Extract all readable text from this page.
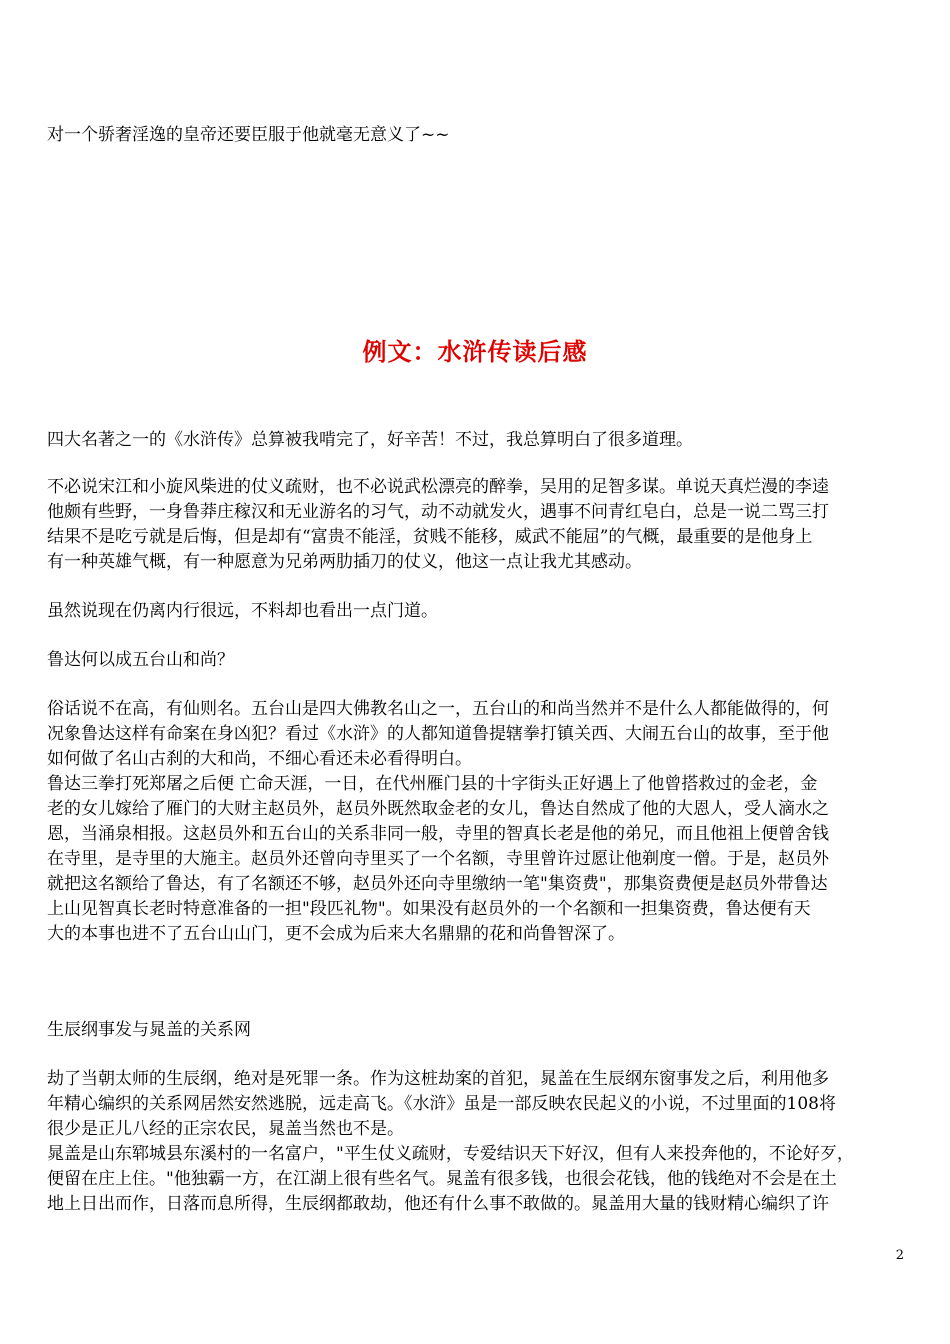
对一个骄奢淫逸的皇帝还要臣服于他就毫无意义了~~
例文：水浒传读后感
四大名著之一的《水浒传》总算被我啃完了，好辛苦！不过，我总算明白了很多道理。
不必说宋江和小旋风柴进的仗义疏财，也不必说武松漂亮的醉拳，吴用的足智多谋。单说天真烂漫的李逵
他颇有些野，一身鲁莽庄稼汉和无业游名的习气，动不动就发火，遇事不问青红皂白，总是一说二骂三打
结果不是吃亏就是后悔，但是却有“富贵不能淫，贫贱不能移，威武不能屈”的气概，最重要的是他身上
有一种英雄气概，有一种愿意为兄弟两肋插刀的仗义，他这一点让我尤其感动。
虽然说现在仍离内行很远，不料却也看出一点门道。
鲁达何以成五台山和尚？
俗话说不在高，有仙则名。五台山是四大佛教名山之一，五台山的和尚当然并不是什么人都能做得的，何
况象鲁达这样有命案在身凶犯？看过《水浒》的人都知道鲁提辖拳打镇关西、大闹五台山的故事，至于他
如何做了名山古刹的大和尚，不细心看还未必看得明白。
鲁达三拳打死郑屠之后便 亡命天涯，一日，在代州雁门县的十字街头正好遇上了他曾搭救过的金老，金
老的女儿嫁给了雁门的大财主赵员外，赵员外既然取金老的女儿，鲁达自然成了他的大恩人，受人滴水之
恩，当涌泉相报。这赵员外和五台山的关系非同一般，寺里的智真长老是他的弟兄，而且他祖上便曾舍钱
在寺里，是寺里的大施主。赵员外还曾向寺里买了一个名额，寺里曾许过愿让他剃度一僧。于是，赵员外
就把这名额给了鲁达，有了名额还不够，赵员外还向寺里缴纳一笔"集资费"，那集资费便是赵员外带鲁达
上山见智真长老时特意准备的一担"段匹礼物"。如果没有赵员外的一个名额和一担集资费，鲁达便有天
大的本事也进不了五台山山门，更不会成为后来大名鼎鼎的花和尚鲁智深了。
生辰纲事发与晁盖的关系网
劫了当朝太师的生辰纲，绝对是死罪一条。作为这桩劫案的首犯，晁盖在生辰纲东窗事发之后，利用他多
年精心编织的关系网居然安然逃脱，远走高飞。《水浒》虽是一部反映农民起义的小说，不过里面的108将
很少是正儿八经的正宗农民，晁盖当然也不是。
晁盖是山东郓城县东溪村的一名富户，"平生仗义疏财，专爱结识天下好汉，但有人来投奔他的，不论好歹，
便留在庄上住。"他独霸一方，在江湖上很有些名气。晁盖有很多钱，也很会花钱，他的钱绝对不会是在土
地上日出而作，日落而息所得，生辰纲都敢劫，他还有什么事不敢做的。晁盖用大量的钱财精心编织了许
2
